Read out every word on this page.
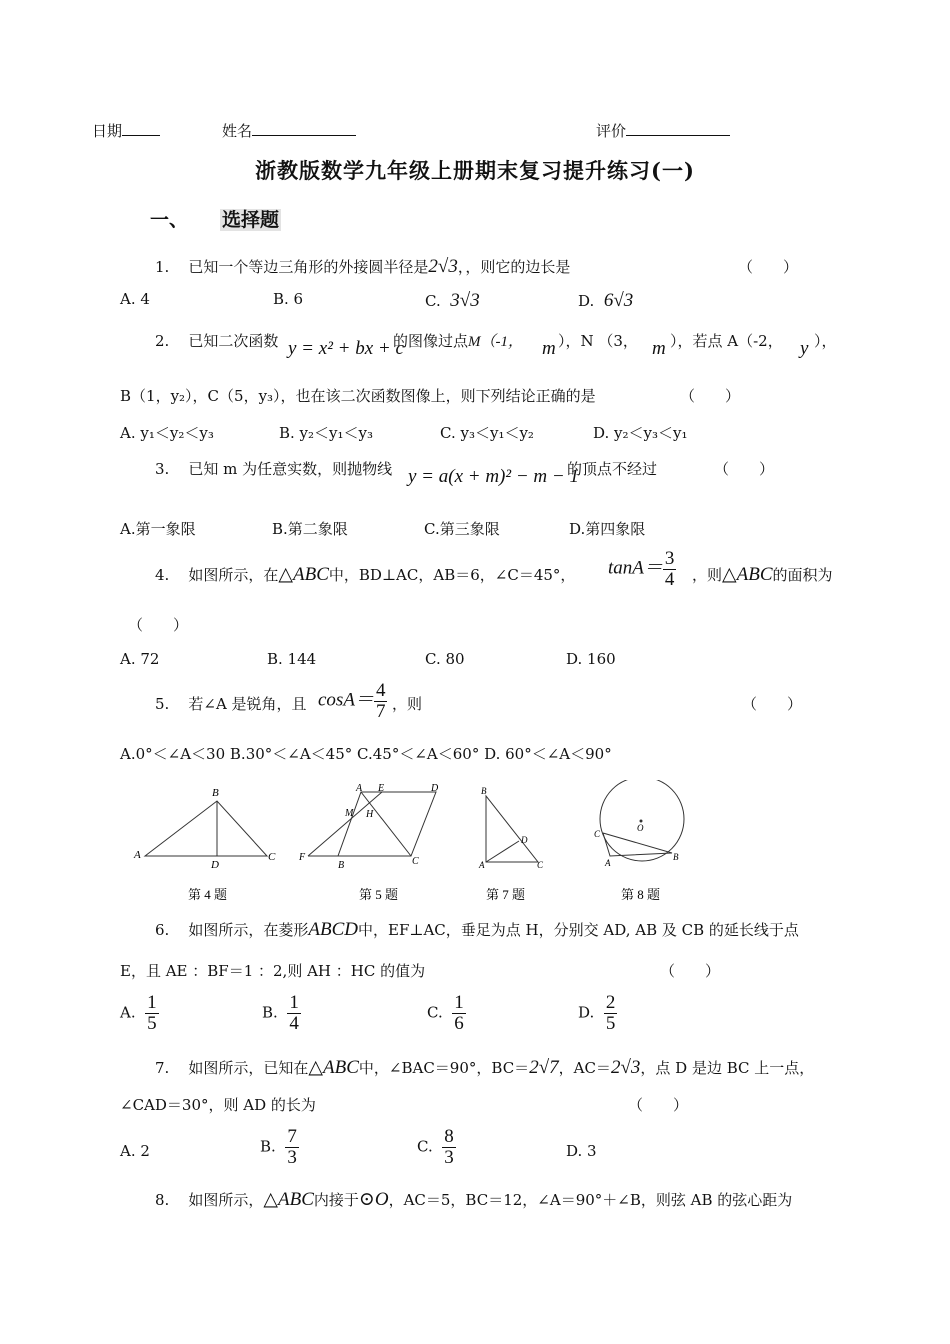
日期	姓名	评价
浙教版数学九年级上册期末复习提升练习(一)
一、 选择题
1. 已知一个等边三角形的外接圆半径是2√3，，则它的边长是	（　　）
A. 4	B. 6	C. 3√3	D. 6√3
2. 已知二次函数 y = x² + bx + c
的图像过点M（-1， m ），N （3， m ），若点 A（-2， y ），
B（1，y₂），C（5，y₃），也在该二次函数图像上，则下列结论正确的是	（　　）
A. y₁＜y₂＜y₃	B. y₂＜y₁＜y₃	C. y₃＜y₁＜y₂	D. y₂＜y₃＜y₁
3. 已知 m 为任意实数，则抛物线 y = a(x + m)² − m − 1
的顶点不经过	（　　）
A.第一象限	B.第二象限	C.第三象限	D.第四象限
4. 如图所示，在△ABC中，BD⊥AC，AB＝6，∠C＝45°， $\tan A= \frac{3}{4}$ ，则△ABC的面积为
（　　）
A. 72	B. 144	C. 80	D. 160
5. 若∠A 是锐角，且 $\cos A= \frac{4}{7}$ ，则	（　　）
A.0°＜∠A＜30 B.30°＜∠A＜45° C.45°＜∠A＜60° D. 60°＜∠A＜90°
A
B
C
D
第 4 题
A E	D
M H
F
B	C
第 5 题
B
D
A	C
第 7 题
C
O
A
B
第 8 题
6. 如图所示，在菱形ABCD中，EF⊥AC，垂足为点 H，分别交 AD, AB 及 CB 的延长线于点
E，且 AE ：BF＝1 ：2,则 AH ：HC 的值为	（　　）
A. $\frac{1}{5}$	B. $\frac{1}{4}$	C. $\frac{1}{6}$	D. $\frac{2}{5}$
7. 如图所示，已知在△ABC中，∠BAC＝90°，BC＝2√7，AC＝2√3，点 D 是边 BC 上一点，
∠CAD＝30°，则 AD 的长为	（　　）
A. 2	B. $\frac{7}{3}$	C. $\frac{8}{3}$	D. 3
8. 如图所示，△ABC内接于⊙O，AC＝5，BC＝12，∠A＝90°＋∠B，则弦 AB 的弦心距为
